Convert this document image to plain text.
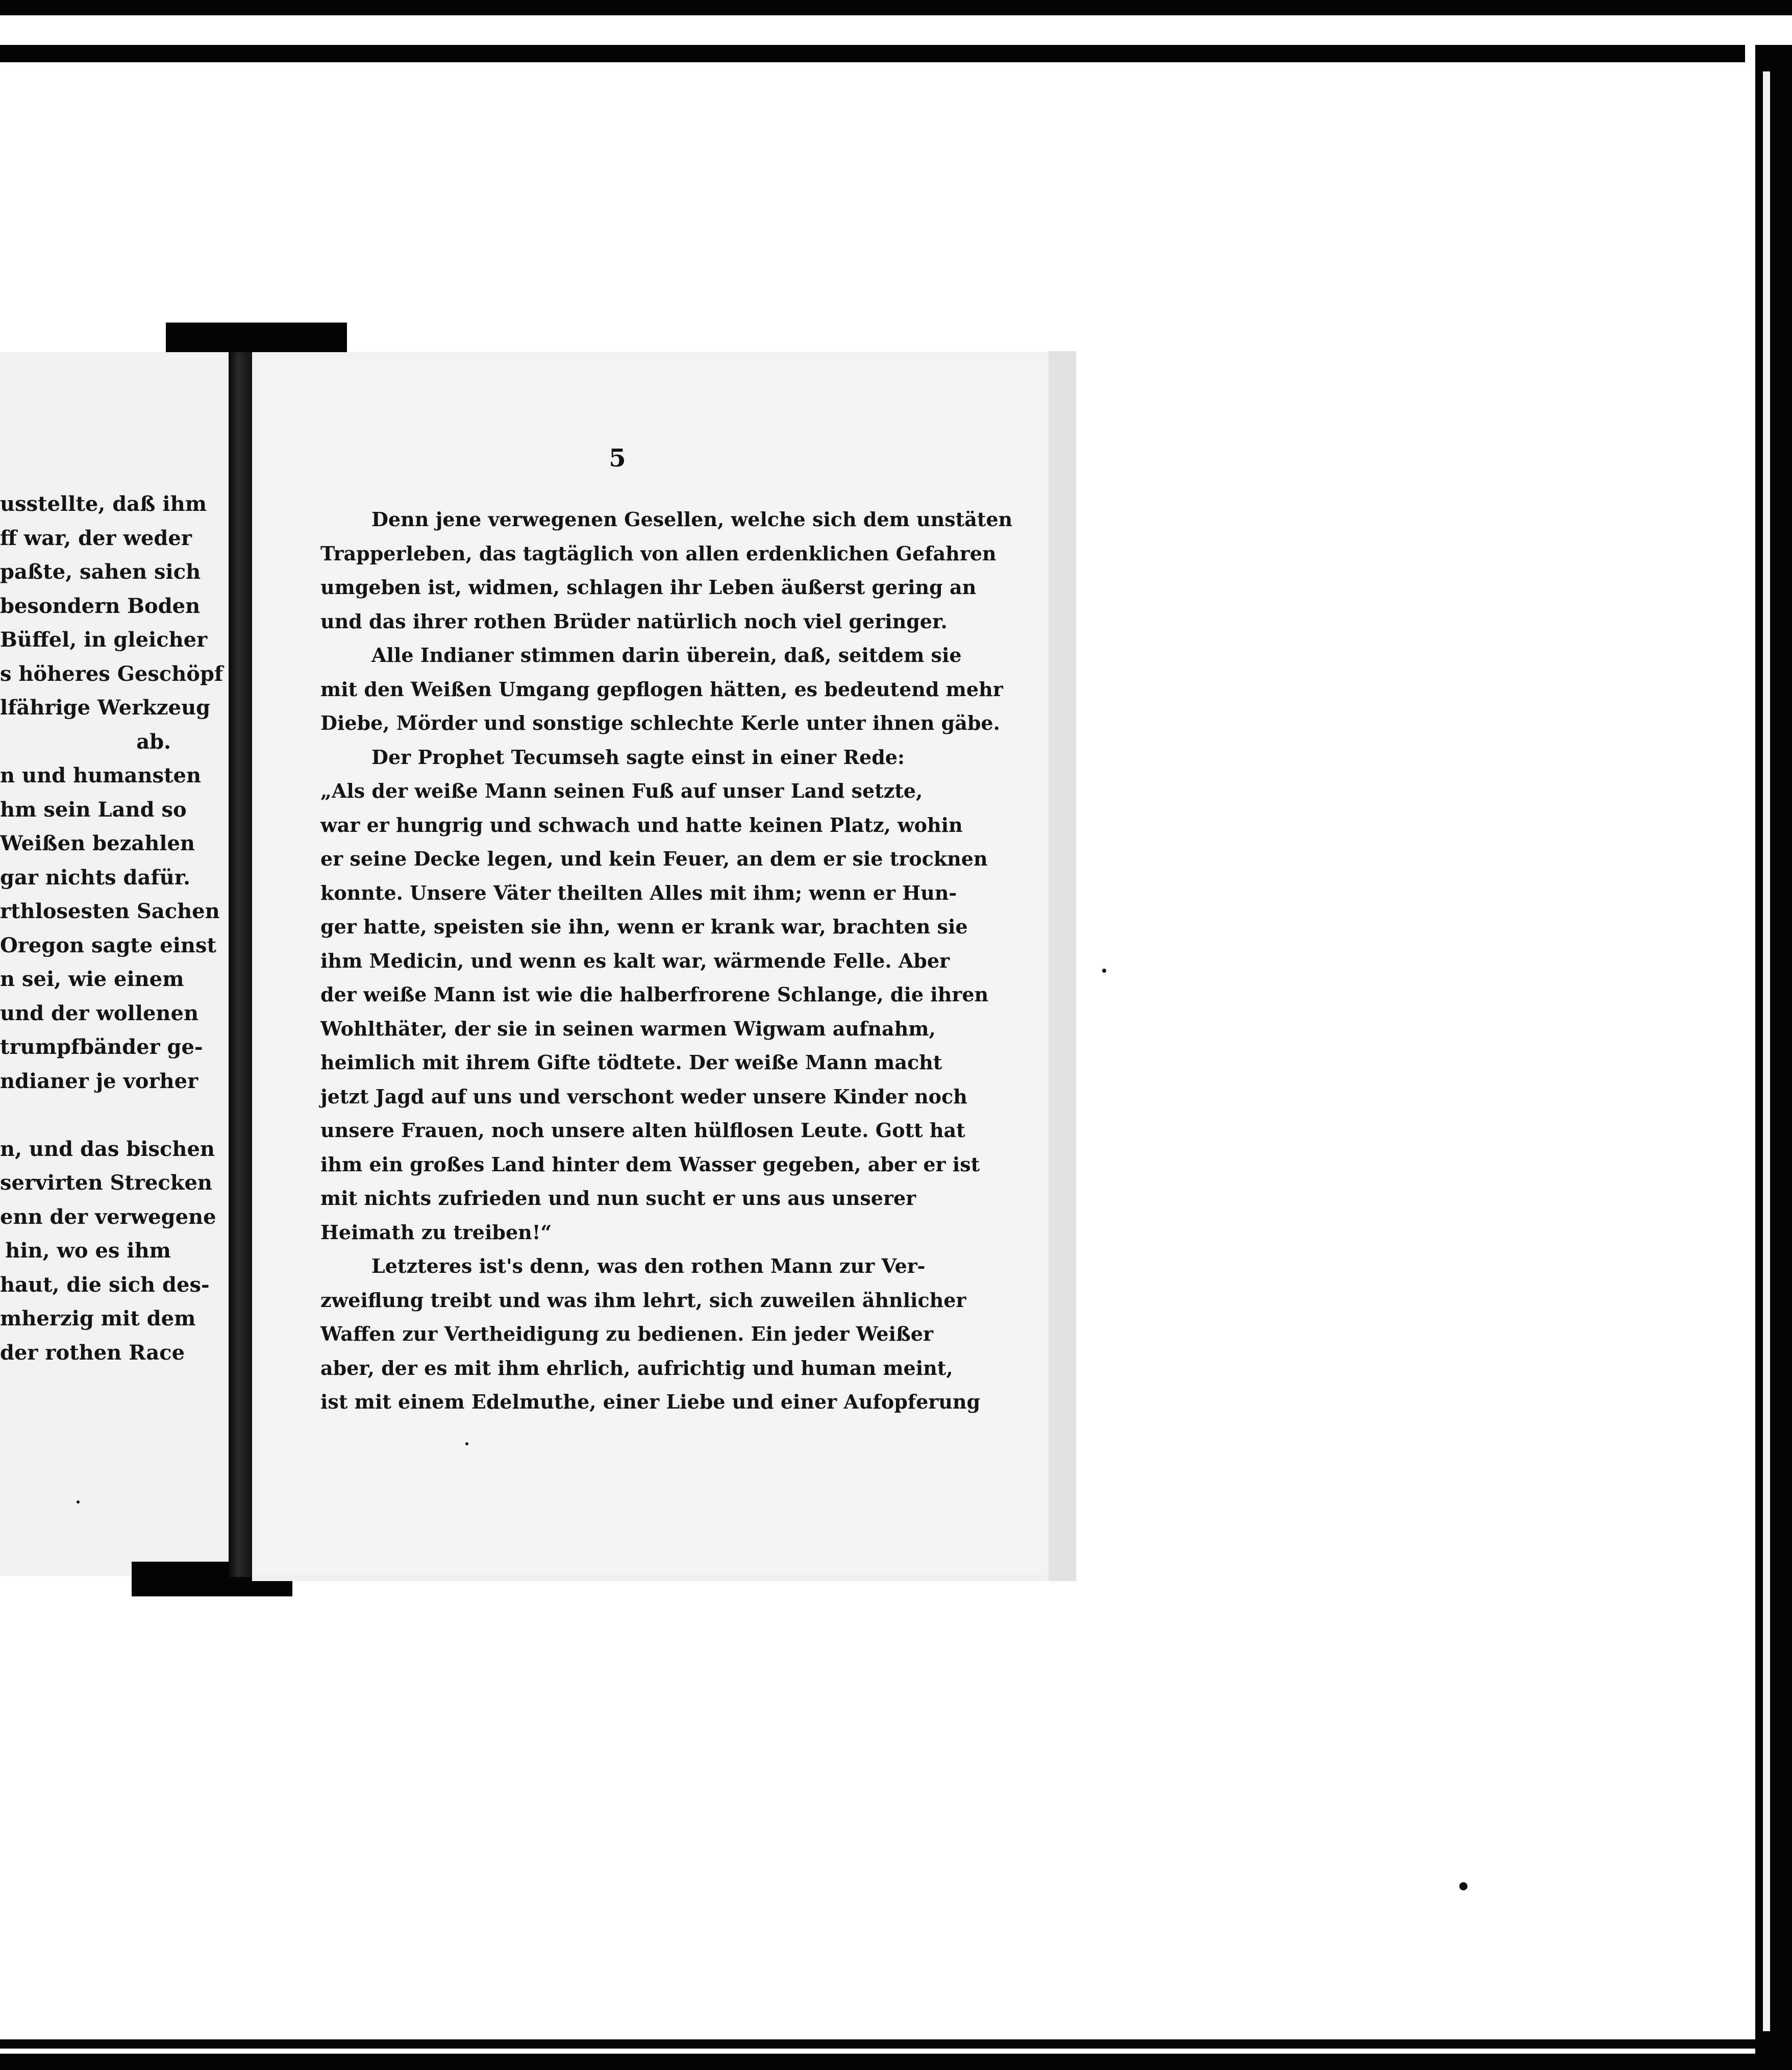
usstellte, daß ihm
ff war, der weder
paßte, sahen sich
besondern Boden
Büffel, in gleicher
s höheres Geschöpf
lfährige Werkzeug
ab.
n und humansten
hm sein Land so
Weißen bezahlen
gar nichts dafür.
rthlosesten Sachen
Oregon sagte einst
n sei, wie einem
und der wollenen
trumpfbänder ge-
ndianer je vorher
n, und das bischen
servirten Strecken
enn der verwegene
hin, wo es ihm
haut, die sich des-
mherzig mit dem
der rothen Race
5
Denn jene verwegenen Gesellen, welche sich dem unstäten
Trapperleben, das tagtäglich von allen erdenklichen Gefahren
umgeben ist, widmen, schlagen ihr Leben äußerst gering an
und das ihrer rothen Brüder natürlich noch viel geringer.
Alle Indianer stimmen darin überein, daß, seitdem sie
mit den Weißen Umgang gepflogen hätten, es bedeutend mehr
Diebe, Mörder und sonstige schlechte Kerle unter ihnen gäbe.
Der Prophet Tecumseh sagte einst in einer Rede:
„Als der weiße Mann seinen Fuß auf unser Land setzte,
war er hungrig und schwach und hatte keinen Platz, wohin
er seine Decke legen, und kein Feuer, an dem er sie trocknen
konnte. Unsere Väter theilten Alles mit ihm; wenn er Hun-
ger hatte, speisten sie ihn, wenn er krank war, brachten sie
ihm Medicin, und wenn es kalt war, wärmende Felle. Aber
der weiße Mann ist wie die halberfrorene Schlange, die ihren
Wohlthäter, der sie in seinen warmen Wigwam aufnahm,
heimlich mit ihrem Gifte tödtete. Der weiße Mann macht
jetzt Jagd auf uns und verschont weder unsere Kinder noch
unsere Frauen, noch unsere alten hülflosen Leute. Gott hat
ihm ein großes Land hinter dem Wasser gegeben, aber er ist
mit nichts zufrieden und nun sucht er uns aus unserer
Heimath zu treiben!“
Letzteres ist's denn, was den rothen Mann zur Ver-
zweiflung treibt und was ihm lehrt, sich zuweilen ähnlicher
Waffen zur Vertheidigung zu bedienen. Ein jeder Weißer
aber, der es mit ihm ehrlich, aufrichtig und human meint,
ist mit einem Edelmuthe, einer Liebe und einer Aufopferung
